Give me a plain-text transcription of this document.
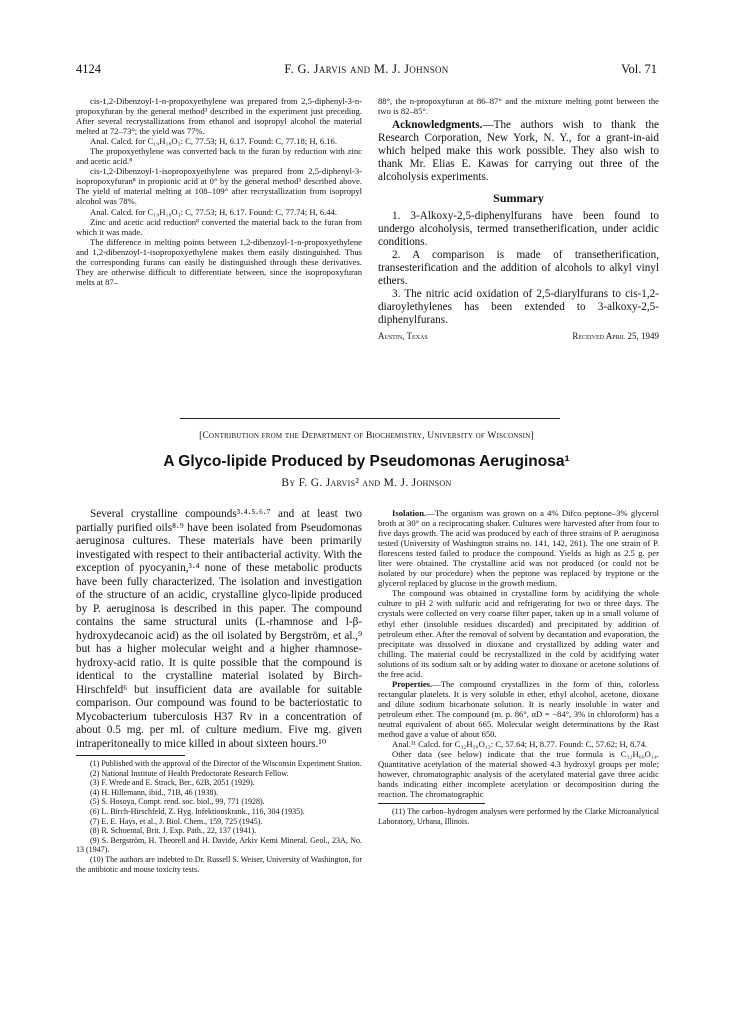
4124	F. G. Jarvis and M. J. Johnson	Vol. 71

cis-1,2-Dibenzoyl-1-n-propoxyethylene was prepared from 2,5-diphenyl-3-n-propoxyfuran by the general method³ described in the experiment just preceding. After several recrystallizations from ethanol and isopropyl alcohol the material melted at 72–73°; the yield was 77%.

Anal. Calcd. for C₁₉H₁₈O₃: C, 77.53; H, 6.17. Found: C, 77.18; H, 6.16.

The propoxyethylene was converted back to the furan by reduction with zinc and acetic acid.⁸

cis-1,2-Dibenzoyl-1-isopropoxyethylene was prepared from 2,5-diphenyl-3-isopropoxyfuran⁸ in propionic acid at 0° by the general method³ described above. The yield of material melting at 108–109° after recrystallization from isopropyl alcohol was 78%.

Anal. Calcd. for C₁₉H₁₈O₃: C, 77.53; H, 6.17. Found: C, 77.74; H, 6.44.

Zinc and acetic acid reduction⁸ converted the material back to the furan from which it was made.

The difference in melting points between 1,2-dibenzoyl-1-n-propoxyethylene and 1,2-dibenzoyl-1-isopropoxyethylene makes them easily distinguished. Thus the corresponding furans can easily be distinguished through these derivatives. They are otherwise difficult to differentiate between, since the isopropoxyfuran melts at 87–

88°, the n-propoxyfuran at 86–87° and the mixture melting point between the two is 82–85°.

Acknowledgments.—The authors wish to thank the Research Corporation, New York, N. Y., for a grant-in-aid which helped make this work possible. They also wish to thank Mr. Elias E. Kawas for carrying out three of the alcoholysis experiments.

Summary

1. 3-Alkoxy-2,5-diphenylfurans have been found to undergo alcoholysis, termed transetherification, under acidic conditions.

2. A comparison is made of transetherification, transesterification and the addition of alcohols to alkyl vinyl ethers.

3. The nitric acid oxidation of 2,5-diarylfurans to cis-1,2-diaroylethylenes has been extended to 3-alkoxy-2,5-diphenylfurans.

Austin, Texas	Received April 25, 1949
[Contribution from the Department of Biochemistry, University of Wisconsin]
A Glyco-lipide Produced by Pseudomonas Aeruginosa¹
By F. G. Jarvis² and M. J. Johnson

Several crystalline compounds³·⁴·⁵·⁶·⁷ and at least two partially purified oils⁸·⁹ have been isolated from Pseudomonas aeruginosa cultures. These materials have been primarily investigated with respect to their antibacterial activity. With the exception of pyocyanin,³·⁴ none of these metabolic products have been fully characterized. The isolation and investigation of the structure of an acidic, crystalline glyco-lipide produced by P. aeruginosa is described in this paper. The compound contains the same structural units (L-rhamnose and l-β-hydroxydecanoic acid) as the oil isolated by Bergström, et al.,⁹ but has a higher molecular weight and a higher rhamnose-hydroxy-acid ratio. It is quite possible that the compound is identical to the crystalline material isolated by Birch-Hirschfeld⁶ but insufficient data are available for suitable comparison. Our compound was found to be bacteriostatic to Mycobacterium tuberculosis H37 Rv in a concentration of about 0.5 mg. per ml. of culture medium. Five mg. given intraperitoneally to mice killed in about sixteen hours.¹⁰

(1) Published with the approval of the Director of the Wisconsin Experiment Station.

(2) National Institute of Health Predoctorate Research Fellow.

(3) F. Wrede and E. Strack, Ber., 62B, 2051 (1929).

(4) H. Hillemann, ibid., 71B, 46 (1938).

(5) S. Hosoya, Compt. rend. soc. biol., 99, 771 (1928).

(6) L. Birch-Hirschfeld, Z. Hyg. Infektionskrank., 116, 304 (1935).

(7) E. E. Hays, et al., J. Biol. Chem., 159, 725 (1945).

(8) R. Schoental, Brit. J. Exp. Path., 22, 137 (1941).

(9) S. Bergström, H. Theorell and H. Davide, Arkiv Kemi Mineral. Geol., 23A, No. 13 (1947).

(10) The authors are indebted to Dr. Russell S. Weiser, University of Washington, for the antibiotic and mouse toxicity tests.

Isolation.—The organism was grown on a 4% Difco peptone–3% glycerol broth at 30° on a reciprocating shaker. Cultures were harvested after from four to five days growth. The acid was produced by each of three strains of P. aeruginosa tested (University of Washington strains no. 141, 142, 261). The one strain of P. florescens tested failed to produce the compound. Yields as high as 2.5 g. per liter were obtained. The crystalline acid was not produced (or could not be isolated by our procedure) when the peptone was replaced by tryptone or the glycerol replaced by glucose in the growth medium.

The compound was obtained in crystalline form by acidifying the whole culture to pH 2 with sulfuric acid and refrigerating for two or three days. The crystals were collected on very coarse filter paper, taken up in a small volume of ethyl ether (insoluble residues discarded) and precipitated by addition of petroleum ether. After the removal of solvent by decantation and evaporation, the precipitate was dissolved in dioxane and crystallized by adding water and chilling. The material could be recrystallized in the cold by acidifying water solutions of its sodium salt or by adding water to dioxane or acetone solutions of the free acid.

Properties.—The compound crystallizes in the form of thin, colorless rectangular platelets. It is very soluble in ether, ethyl alcohol, acetone, dioxane and dilute sodium bicarbonate solution. It is nearly insoluble in water and petroleum ether. The compound (m. p. 86°, αD = −84°, 3% in chloroform) has a neutral equivalent of about 665. Molecular weight determinations by the Rast method gave a value of about 650.

Anal.¹¹ Calcd. for C₃₂H₅₈O₁₃: C, 57.64; H, 8.77. Found: C, 57.62; H, 8.74.

Other data (see below) indicate that the true formula is C₃₂H₆₀O₁₄. Quantitative acetylation of the material showed 4.3 hydroxyl groups per mole; however, chromatographic analysis of the acetylated material gave three acidic bands indicating either incomplete acetylation or decomposition during the reaction. The chromatographic

(11) The carbon–hydrogen analyses were performed by the Clarke Microanalytical Laboratory, Urbana, Illinois.
